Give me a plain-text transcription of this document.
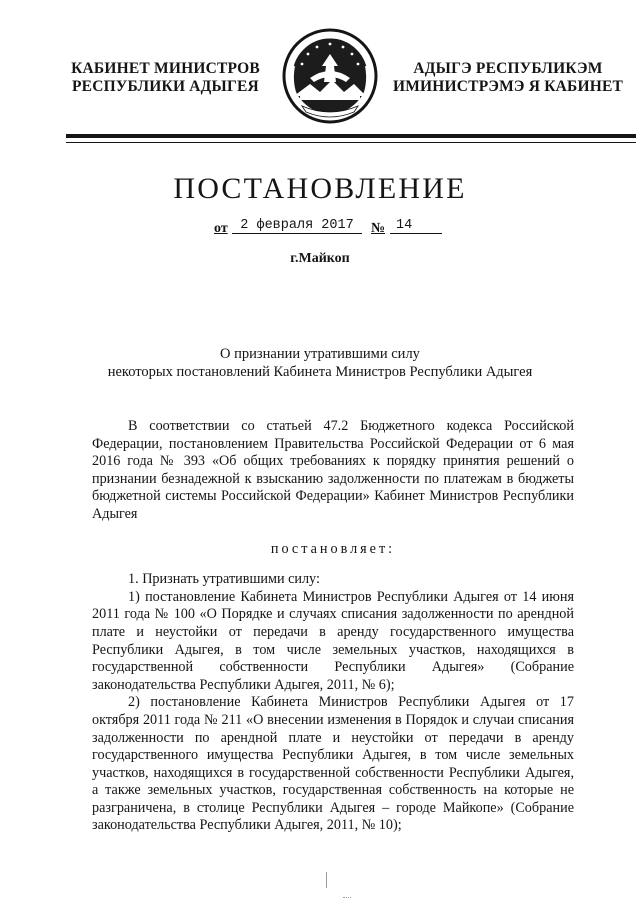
КАБИНЕТ МИНИСТРОВ
РЕСПУБЛИКИ АДЫГЕЯ
АДЫГЭ РЕСПУБЛИКЭМ
ИМИНИСТРЭМЭ Я КАБИНЕТ
ПОСТАНОВЛЕНИЕ
от 2 февраля 2017	№ 14
г.Майкоп
О признании утратившими силу
некоторых постановлений Кабинета Министров Республики Адыгея

В соответствии со статьей 47.2 Бюджетного кодекса Российской Федерации, постановлением Правительства Российской Федерации от 6 мая 2016 года № 393 «Об общих требованиях к порядку принятия решений о признании безнадежной к взысканию задолженности по платежам в бюджеты бюджетной системы Российской Федерации» Кабинет Министров Республики Адыгея

постановляет:

1. Признать утратившими силу:

1) постановление Кабинета Министров Республики Адыгея от 14 июня 2011 года № 100 «О Порядке и случаях списания задолженности по арендной плате и неустойки от передачи в аренду государственного имущества Республики Адыгея, в том числе земельных участков, находящихся в государственной собственности Республики Адыгея» (Собрание законодательства Республики Адыгея, 2011, № 6);

2) постановление Кабинета Министров Республики Адыгея от 17 октября 2011 года № 211 «О внесении изменения в Порядок и случаи списания задолженности по арендной плате и неустойки от передачи в аренду государственного имущества Республики Адыгея, в том числе земельных участков, находящихся в государственной собственности Республики Адыгея, а также земельных участков, государственная собственность на которые не разграничена, в столице Республики Адыгея – городе Майкопе» (Собрание законодательства Республики Адыгея, 2011, № 10);
